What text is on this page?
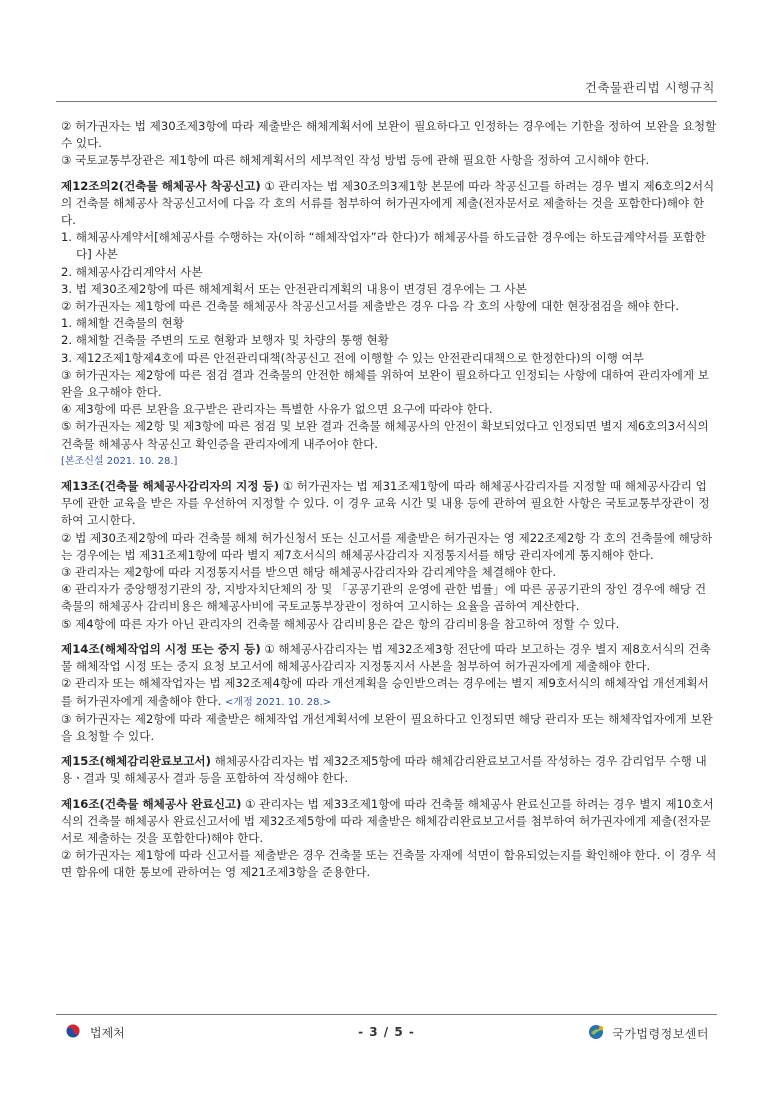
건축물관리법 시행규칙

② 허가권자는 법 제30조제3항에 따라 제출받은 해체계획서에 보완이 필요하다고 인정하는 경우에는 기한을 정하여 보완을 요청할 수 있다.

③ 국토교통부장관은 제1항에 따른 해체계획서의 세부적인 작성 방법 등에 관해 필요한 사항을 정하여 고시해야 한다.

제12조의2(건축물 해체공사 착공신고) ① 관리자는 법 제30조의3제1항 본문에 따라 착공신고를 하려는 경우 별지 제6호의2서식의 건축물 해체공사 착공신고서에 다음 각 호의 서류를 첨부하여 허가권자에게 제출(전자문서로 제출하는 것을 포함한다)해야 한다.

1. 해체공사계약서[해체공사를 수행하는 자(이하 “해체작업자”라 한다)가 해체공사를 하도급한 경우에는 하도급계약서를 포함한다] 사본

2. 해체공사감리계약서 사본

3. 법 제30조제2항에 따른 해체계획서 또는 안전관리계획의 내용이 변경된 경우에는 그 사본

② 허가권자는 제1항에 따른 건축물 해체공사 착공신고서를 제출받은 경우 다음 각 호의 사항에 대한 현장점검을 해야 한다.

1. 해체할 건축물의 현황

2. 해체할 건축물 주변의 도로 현황과 보행자 및 차량의 통행 현황

3. 제12조제1항제4호에 따른 안전관리대책(착공신고 전에 이행할 수 있는 안전관리대책으로 한정한다)의 이행 여부

③ 허가권자는 제2항에 따른 점검 결과 건축물의 안전한 해체를 위하여 보완이 필요하다고 인정되는 사항에 대하여 관리자에게 보완을 요구해야 한다.

④ 제3항에 따른 보완을 요구받은 관리자는 특별한 사유가 없으면 요구에 따라야 한다.

⑤ 허가권자는 제2항 및 제3항에 따른 점검 및 보완 결과 건축물 해체공사의 안전이 확보되었다고 인정되면 별지 제6호의3서식의 건축물 해체공사 착공신고 확인증을 관리자에게 내주어야 한다.

[본조신설 2021. 10. 28.]

제13조(건축물 해체공사감리자의 지정 등) ① 허가권자는 법 제31조제1항에 따라 해체공사감리자를 지정할 때 해체공사감리 업무에 관한 교육을 받은 자를 우선하여 지정할 수 있다. 이 경우 교육 시간 및 내용 등에 관하여 필요한 사항은 국토교통부장관이 정하여 고시한다.

② 법 제30조제2항에 따라 건축물 해체 허가신청서 또는 신고서를 제출받은 허가권자는 영 제22조제2항 각 호의 건축물에 해당하는 경우에는 법 제31조제1항에 따라 별지 제7호서식의 해체공사감리자 지정통지서를 해당 관리자에게 통지해야 한다.

③ 관리자는 제2항에 따라 지정통지서를 받으면 해당 해체공사감리자와 감리계약을 체결해야 한다.

④ 관리자가 중앙행정기관의 장, 지방자치단체의 장 및 「공공기관의 운영에 관한 법률」에 따른 공공기관의 장인 경우에 해당 건축물의 해체공사 감리비용은 해체공사비에 국토교통부장관이 정하여 고시하는 요율을 곱하여 계산한다.

⑤ 제4항에 따른 자가 아닌 관리자의 건축물 해체공사 감리비용은 같은 항의 감리비용을 참고하여 정할 수 있다.

제14조(해체작업의 시정 또는 중지 등) ① 해체공사감리자는 법 제32조제3항 전단에 따라 보고하는 경우 별지 제8호서식의 건축물 해체작업 시정 또는 중지 요청 보고서에 해체공사감리자 지정통지서 사본을 첨부하여 허가권자에게 제출해야 한다.

② 관리자 또는 해체작업자는 법 제32조제4항에 따라 개선계획을 승인받으려는 경우에는 별지 제9호서식의 해체작업 개선계획서를 허가권자에게 제출해야 한다. <개정 2021. 10. 28.>

③ 허가권자는 제2항에 따라 제출받은 해체작업 개선계획서에 보완이 필요하다고 인정되면 해당 관리자 또는 해체작업자에게 보완을 요청할 수 있다.

제15조(해체감리완료보고서) 해체공사감리자는 법 제32조제5항에 따라 해체감리완료보고서를 작성하는 경우 감리업무 수행 내용ㆍ결과 및 해체공사 결과 등을 포함하여 작성해야 한다.

제16조(건축물 해체공사 완료신고) ① 관리자는 법 제33조제1항에 따라 건축물 해체공사 완료신고를 하려는 경우 별지 제10호서식의 건축물 해체공사 완료신고서에 법 제32조제5항에 따라 제출받은 해체감리완료보고서를 첨부하여 허가권자에게 제출(전자문서로 제출하는 것을 포함한다)해야 한다.

② 허가권자는 제1항에 따라 신고서를 제출받은 경우 건축물 또는 건축물 자재에 석면이 함유되었는지를 확인해야 한다. 이 경우 석면 함유에 대한 통보에 관하여는 영 제21조제3항을 준용한다.

법제처	- 3 / 5 -	국가법령정보센터
